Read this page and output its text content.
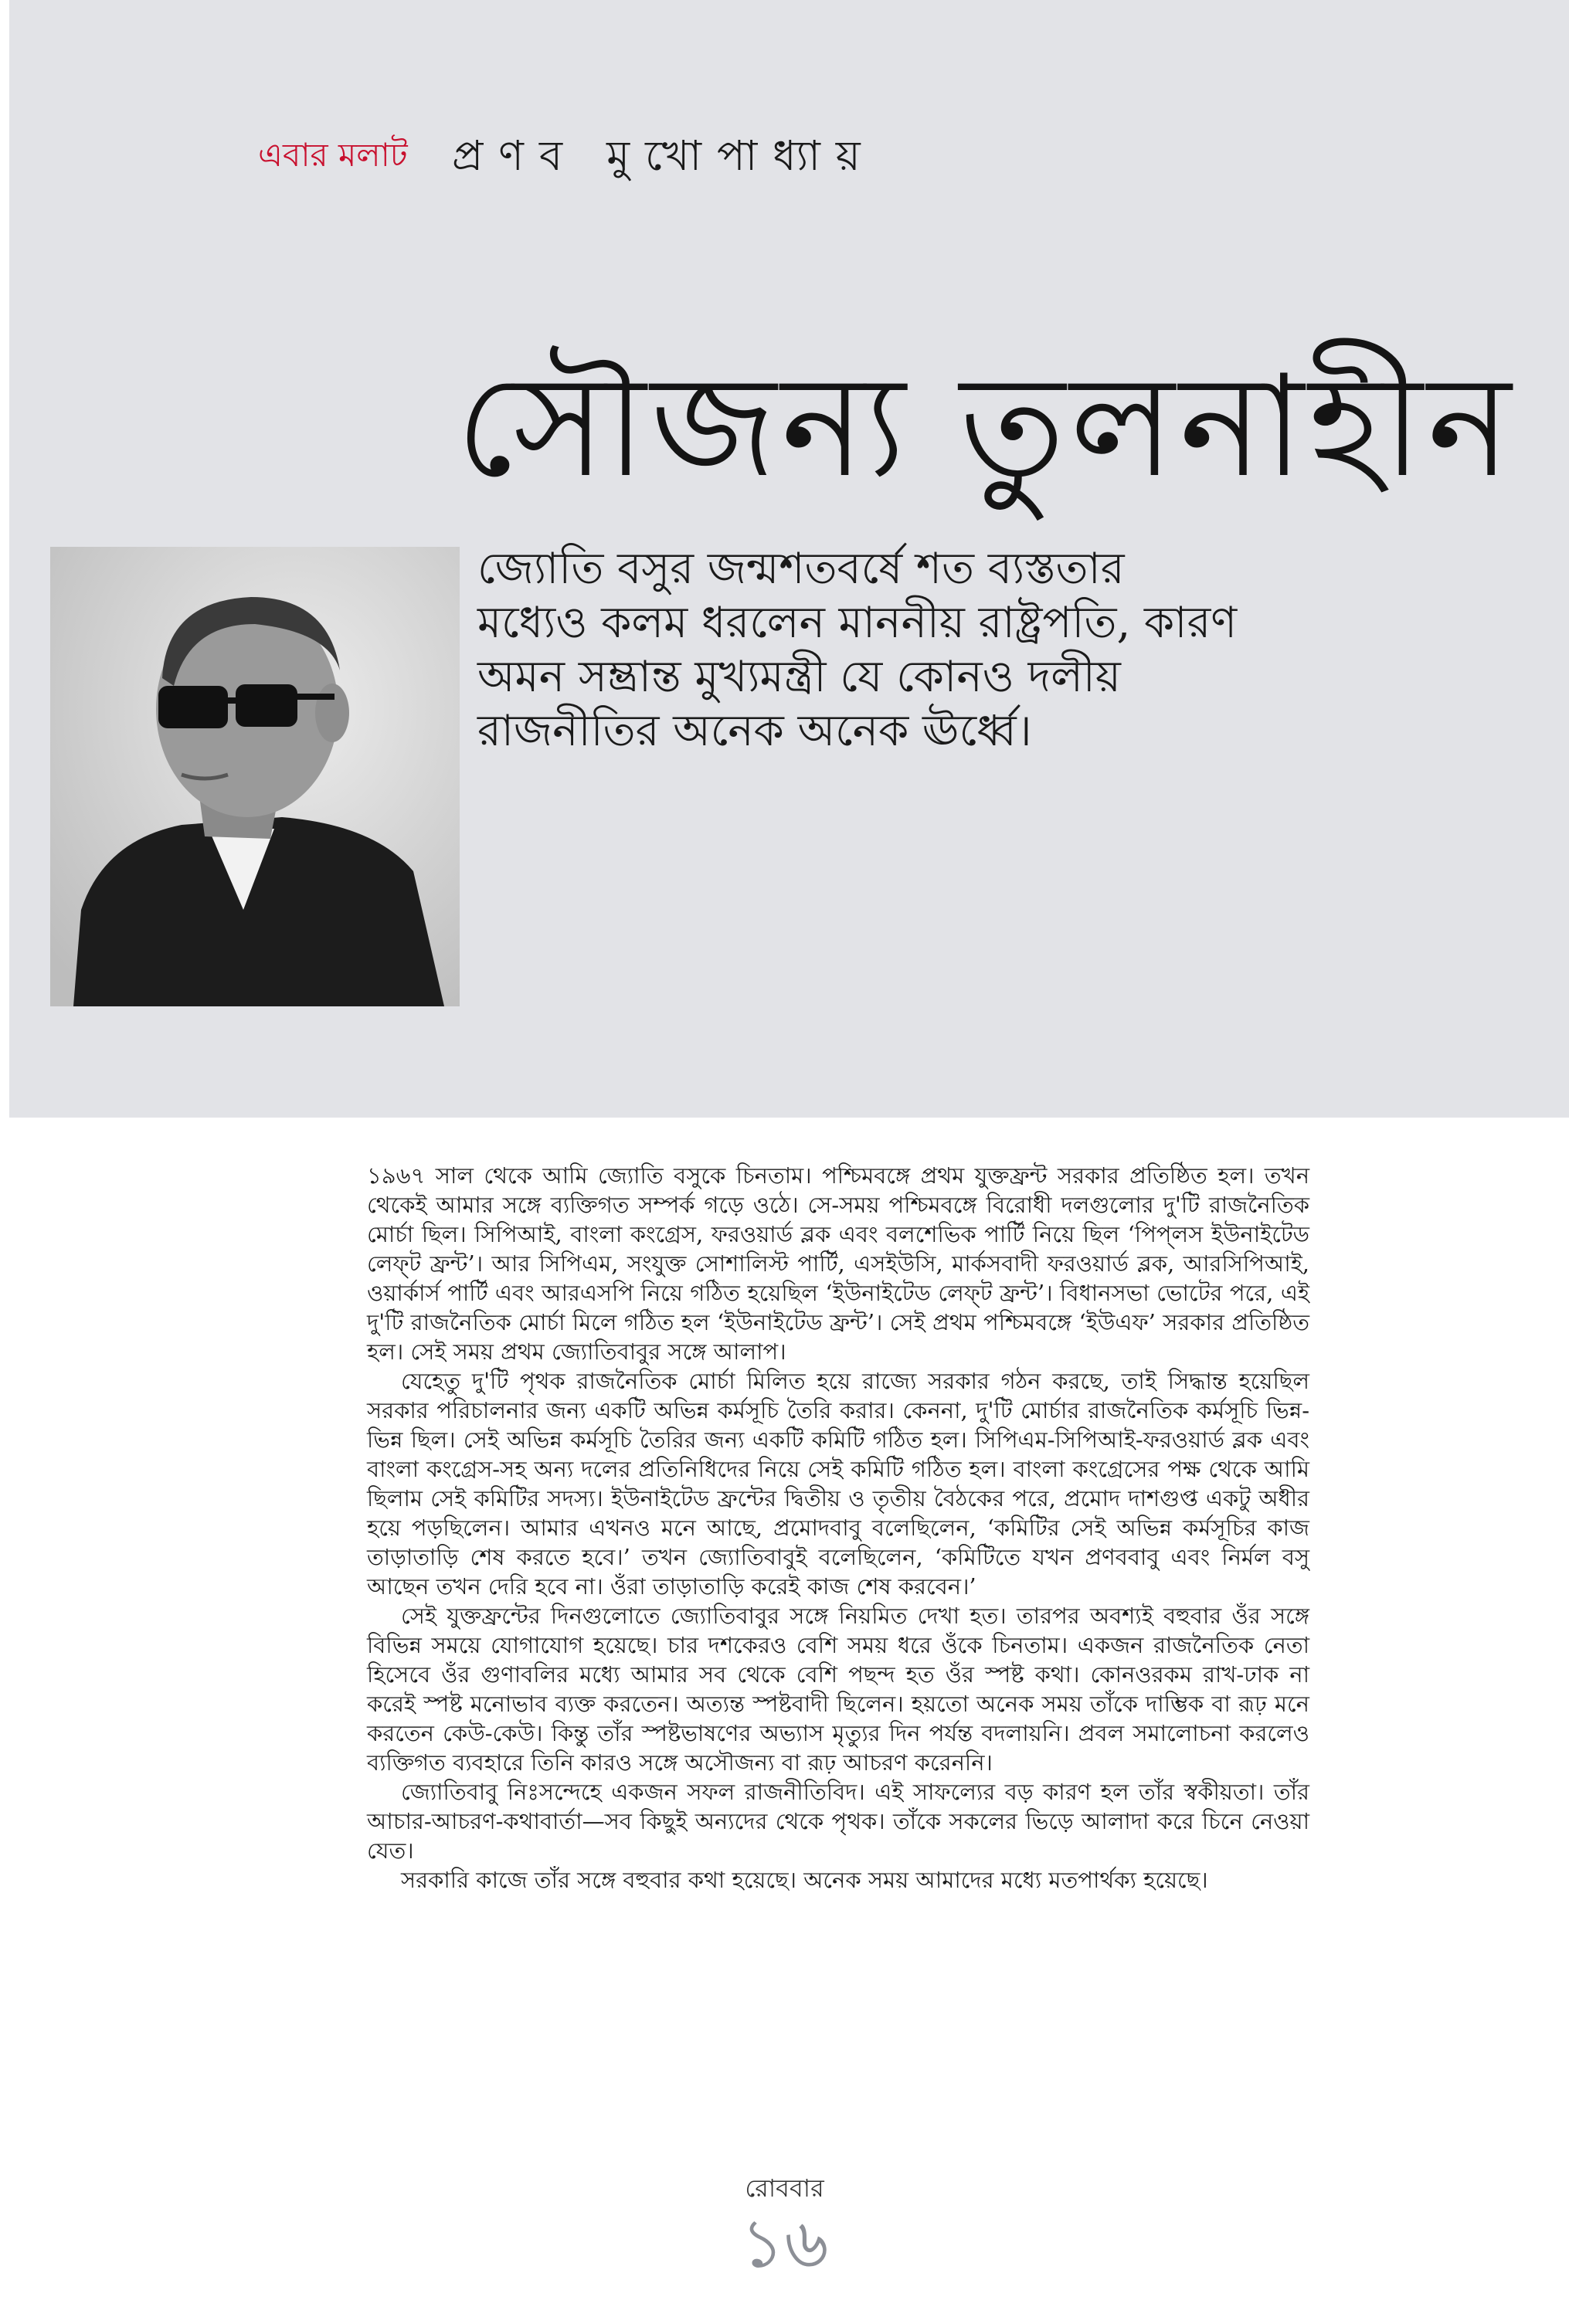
এবার মলাট প্রণব মুখোপাধ্যায়
সৌজন্য তুলনাহীন
জ্যোতি বসুর জন্মশতবর্ষে শত ব্যস্ততার
মধ্যেও কলম ধরলেন মাননীয় রাষ্ট্রপতি, কারণ
অমন সম্ভ্রান্ত মুখ্যমন্ত্রী যে কোনও দলীয়
রাজনীতির অনেক অনেক ঊর্ধ্বে।

১৯৬৭ সাল থেকে আমি জ্যোতি বসুকে চিনতাম। পশ্চিমবঙ্গে প্রথম যুক্তফ্রন্ট সরকার প্রতিষ্ঠিত হল। তখন থেকেই আমার সঙ্গে ব্যক্তিগত সম্পর্ক গড়ে ওঠে। সে-সময় পশ্চিমবঙ্গে বিরোধী দলগুলোর দু'টি রাজনৈতিক মোর্চা ছিল। সিপিআই, বাংলা কংগ্রেস, ফরওয়ার্ড ব্লক এবং বলশেভিক পার্টি নিয়ে ছিল ‘পিপ্‌লস ইউনাইটেড লেফ্‌ট ফ্রন্ট’। আর সিপিএম, সংযুক্ত সোশালিস্ট পার্টি, এসইউসি, মার্কসবাদী ফরওয়ার্ড ব্লক, আরসিপিআই, ওয়ার্কার্স পার্টি এবং আরএসপি নিয়ে গঠিত হয়েছিল ‘ইউনাইটেড লেফ্‌ট ফ্রন্ট’। বিধানসভা ভোটের পরে, এই দু'টি রাজনৈতিক মোর্চা মিলে গঠিত হল ‘ইউনাইটেড ফ্রন্ট’। সেই প্রথম পশ্চিমবঙ্গে ‘ইউএফ’ সরকার প্রতিষ্ঠিত হল। সেই সময় প্রথম জ্যোতিবাবুর সঙ্গে আলাপ।

যেহেতু দু'টি পৃথক রাজনৈতিক মোর্চা মিলিত হয়ে রাজ্যে সরকার গঠন করছে, তাই সিদ্ধান্ত হয়েছিল সরকার পরিচালনার জন্য একটি অভিন্ন কর্মসূচি তৈরি করার। কেননা, দু'টি মোর্চার রাজনৈতিক কর্মসূচি ভিন্ন-ভিন্ন ছিল। সেই অভিন্ন কর্মসূচি তৈরির জন্য একটি কমিটি গঠিত হল। সিপিএম-সিপিআই-ফরওয়ার্ড ব্লক এবং বাংলা কংগ্রেস-সহ অন্য দলের প্রতিনিধিদের নিয়ে সেই কমিটি গঠিত হল। বাংলা কংগ্রেসের পক্ষ থেকে আমি ছিলাম সেই কমিটির সদস্য। ইউনাইটেড ফ্রন্টের দ্বিতীয় ও তৃতীয় বৈঠকের পরে, প্রমোদ দাশগুপ্ত একটু অধীর হয়ে পড়ছিলেন। আমার এখনও মনে আছে, প্রমোদবাবু বলেছিলেন, ‘কমিটির সেই অভিন্ন কর্মসূচির কাজ তাড়াতাড়ি শেষ করতে হবে।’ তখন জ্যোতিবাবুই বলেছিলেন, ‘কমিটিতে যখন প্রণববাবু এবং নির্মল বসু আছেন তখন দেরি হবে না। ওঁরা তাড়াতাড়ি করেই কাজ শেষ করবেন।’

সেই যুক্তফ্রন্টের দিনগুলোতে জ্যোতিবাবুর সঙ্গে নিয়মিত দেখা হত। তারপর অবশ্যই বহুবার ওঁর সঙ্গে বিভিন্ন সময়ে যোগাযোগ হয়েছে। চার দশকেরও বেশি সময় ধরে ওঁকে চিনতাম। একজন রাজনৈতিক নেতা হিসেবে ওঁর গুণাবলির মধ্যে আমার সব থেকে বেশি পছন্দ হত ওঁর স্পষ্ট কথা। কোনওরকম রাখ-ঢাক না করেই স্পষ্ট মনোভাব ব্যক্ত করতেন। অত্যন্ত স্পষ্টবাদী ছিলেন। হয়তো অনেক সময় তাঁকে দাম্ভিক বা রূঢ় মনে করতেন কেউ-কেউ। কিন্তু তাঁর স্পষ্টভাষণের অভ্যাস মৃত্যুর দিন পর্যন্ত বদলায়নি। প্রবল সমালোচনা করলেও ব্যক্তিগত ব্যবহারে তিনি কারও সঙ্গে অসৌজন্য বা রূঢ় আচরণ করেননি।

জ্যোতিবাবু নিঃসন্দেহে একজন সফল রাজনীতিবিদ। এই সাফল্যের বড় কারণ হল তাঁর স্বকীয়তা। তাঁর আচার-আচরণ-কথাবার্তা—সব কিছুই অন্যদের থেকে পৃথক। তাঁকে সকলের ভিড়ে আলাদা করে চিনে নেওয়া যেত।

সরকারি কাজে তাঁর সঙ্গে বহুবার কথা হয়েছে। অনেক সময় আমাদের মধ্যে মতপার্থক্য হয়েছে।

রোববার
১৬
